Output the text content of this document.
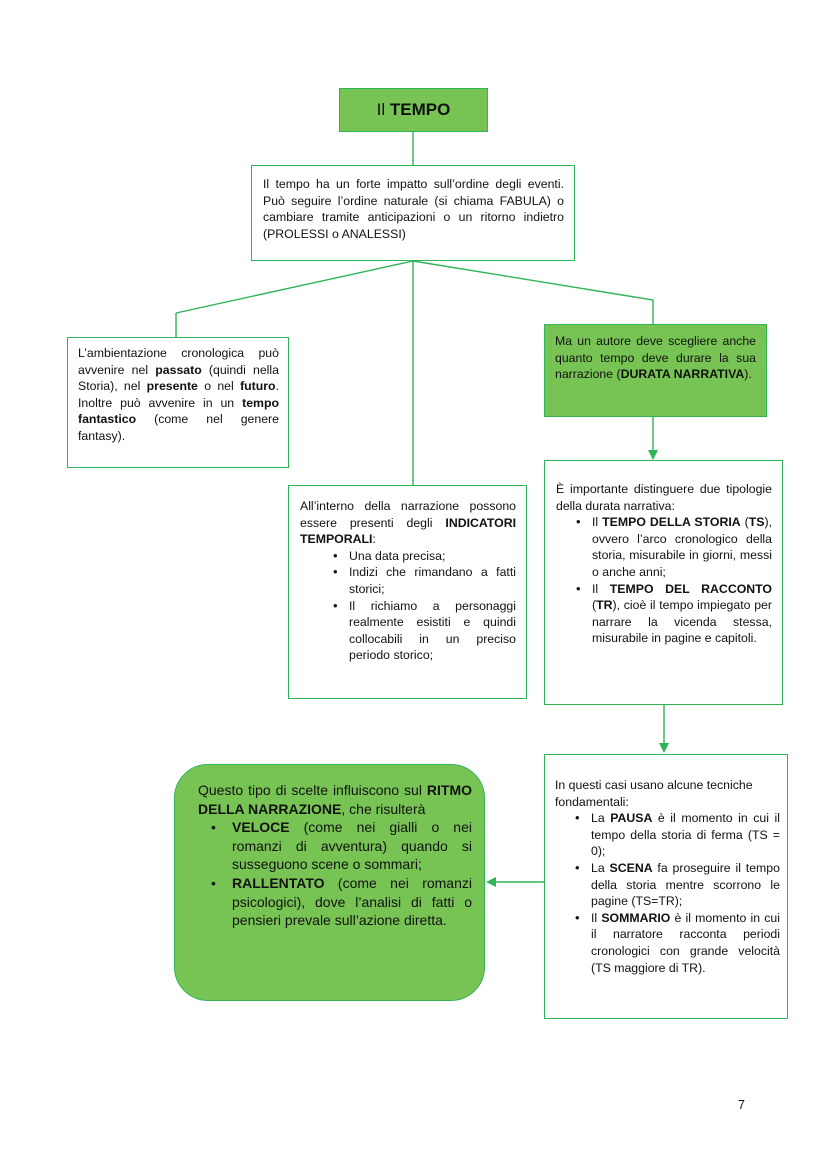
Il TEMPO

Il tempo ha un forte impatto sull’ordine degli eventi. Può seguire l’ordine naturale (si chiama FABULA) o cambiare tramite anticipazioni o un ritorno indietro (PROLESSI o ANALESSI)

L’ambientazione cronologica può avvenire nel passato (quindi nella Storia), nel presente o nel futuro. Inoltre può avvenire in un tempo fantastico (come nel genere fantasy).

Ma un autore deve scegliere anche quanto tempo deve durare la sua narrazione (DURATA NARRATIVA).

All’interno della narrazione possono essere presenti degli INDICATORI TEMPORALI:

• Una data precisa;
• Indizi che rimandano a fatti storici;
• Il richiamo a personaggi realmente esistiti e quindi collocabili in un preciso periodo storico;

È importante distinguere due tipologie della durata narrativa:

• Il TEMPO DELLA STORIA (TS), ovvero l’arco cronologico della storia, misurabile in giorni, messi o anche anni;
• Il TEMPO DEL RACCONTO (TR), cioè il tempo impiegato per narrare la vicenda stessa, misurabile in pagine e capitoli.

In questi casi usano alcune tecniche fondamentali:

• La PAUSA è il momento in cui il tempo della storia di ferma (TS = 0);
• La SCENA fa proseguire il tempo della storia mentre scorrono le pagine (TS=TR);
• Il SOMMARIO è il momento in cui il narratore racconta periodi cronologici con grande velocità (TS maggiore di TR).

Questo tipo di scelte influiscono sul RITMO DELLA NARRAZIONE, che risulterà

• VELOCE (come nei gialli o nei romanzi di avventura) quando si susseguono scene o sommari;
• RALLENTATO (come nei romanzi psicologici), dove l’analisi di fatti o pensieri prevale sull’azione diretta.
7
